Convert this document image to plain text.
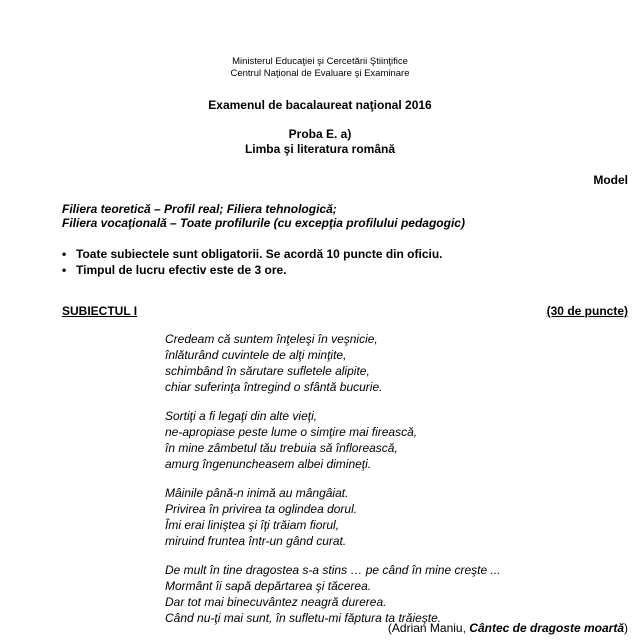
Ministerul Educaţiei şi Cercetării Ştiinţifice
Centrul Naţional de Evaluare şi Examinare
Examenul de bacalaureat naţional 2016
Proba E. a)
Limba şi literatura română
Model
Filiera teoretică – Profil real; Filiera tehnologică;
Filiera vocaţională – Toate profilurile (cu excepţia profilului pedagogic)
• Toate subiectele sunt obligatorii. Se acordă 10 puncte din oficiu.
• Timpul de lucru efectiv este de 3 ore.
SUBIECTUL I	(30 de puncte)
Credeam că suntem înţeleşi în veşnicie,
înlăturând cuvintele de alţi minţite,
schimbând în sărutare sufletele alipite,
chiar suferinţa întregind o sfântă bucurie.
Sortiţi a fi legaţi din alte vieţi,
ne-apropiase peste lume o simţire mai firească,
în mine zâmbetul tău trebuia să înflorească,
amurg îngenuncheasem albei dimineţi.
Mâinile până-n inimă au mângâiat.
Privirea în privirea ta oglindea dorul.
Îmi erai liniştea şi îţi trăiam fiorul,
miruind fruntea într-un gând curat.
De mult în tine dragostea s-a stins … pe când în mine creşte ...
Mormânt îi sapă depărtarea şi tăcerea.
Dar tot mai binecuvântez neagră durerea.
Când nu-ţi mai sunt, în sufletu-mi făptura ta trăieşte.
(Adrian Maniu, Cântec de dragoste moartă)
